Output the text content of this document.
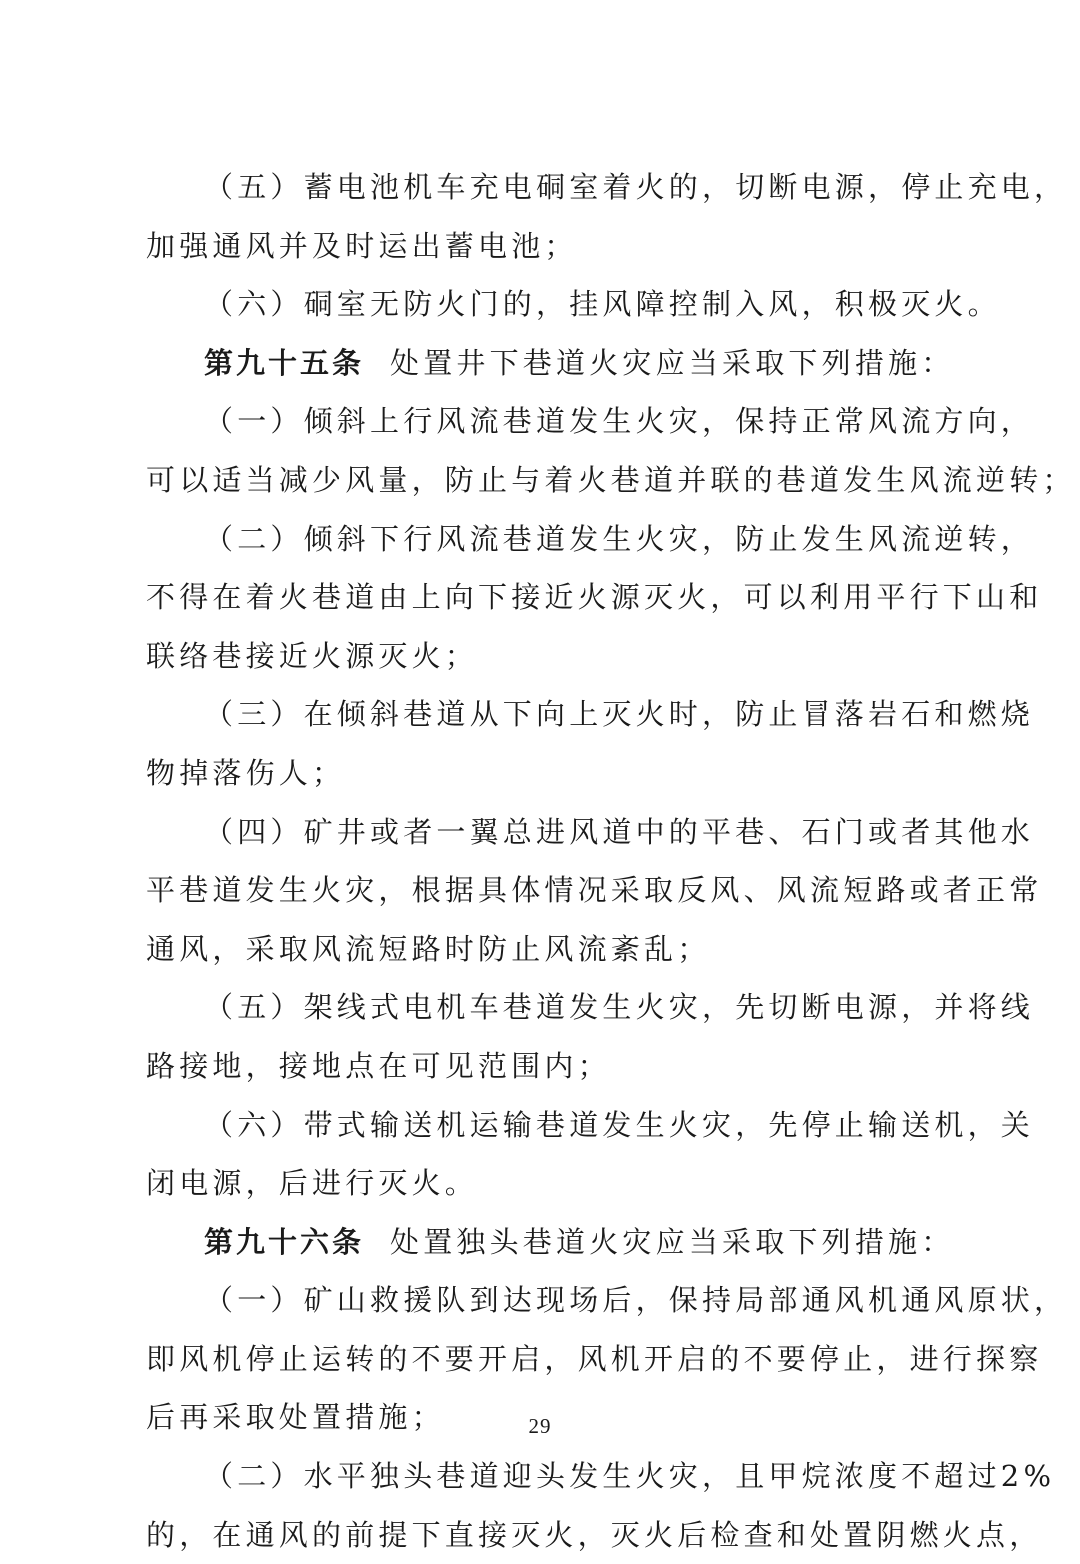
（五）蓄电池机车充电硐室着火的，切断电源，停止充电，
加强通风并及时运出蓄电池；
（六）硐室无防火门的，挂风障控制入风，积极灭火。
第九十五条 处置井下巷道火灾应当采取下列措施：
（一）倾斜上行风流巷道发生火灾，保持正常风流方向，
可以适当减少风量，防止与着火巷道并联的巷道发生风流逆转；
（二）倾斜下行风流巷道发生火灾，防止发生风流逆转，
不得在着火巷道由上向下接近火源灭火，可以利用平行下山和
联络巷接近火源灭火；
（三）在倾斜巷道从下向上灭火时，防止冒落岩石和燃烧
物掉落伤人；
（四）矿井或者一翼总进风道中的平巷、石门或者其他水
平巷道发生火灾，根据具体情况采取反风、风流短路或者正常
通风，采取风流短路时防止风流紊乱；
（五）架线式电机车巷道发生火灾，先切断电源，并将线
路接地，接地点在可见范围内；
（六）带式输送机运输巷道发生火灾，先停止输送机，关
闭电源，后进行灭火。
第九十六条 处置独头巷道火灾应当采取下列措施：
（一）矿山救援队到达现场后，保持局部通风机通风原状，
即风机停止运转的不要开启，风机开启的不要停止，进行探察
后再采取处置措施；
（二）水平独头巷道迎头发生火灾，且甲烷浓度不超过2%
的，在通风的前提下直接灭火，灭火后检查和处置阴燃火点，
29
